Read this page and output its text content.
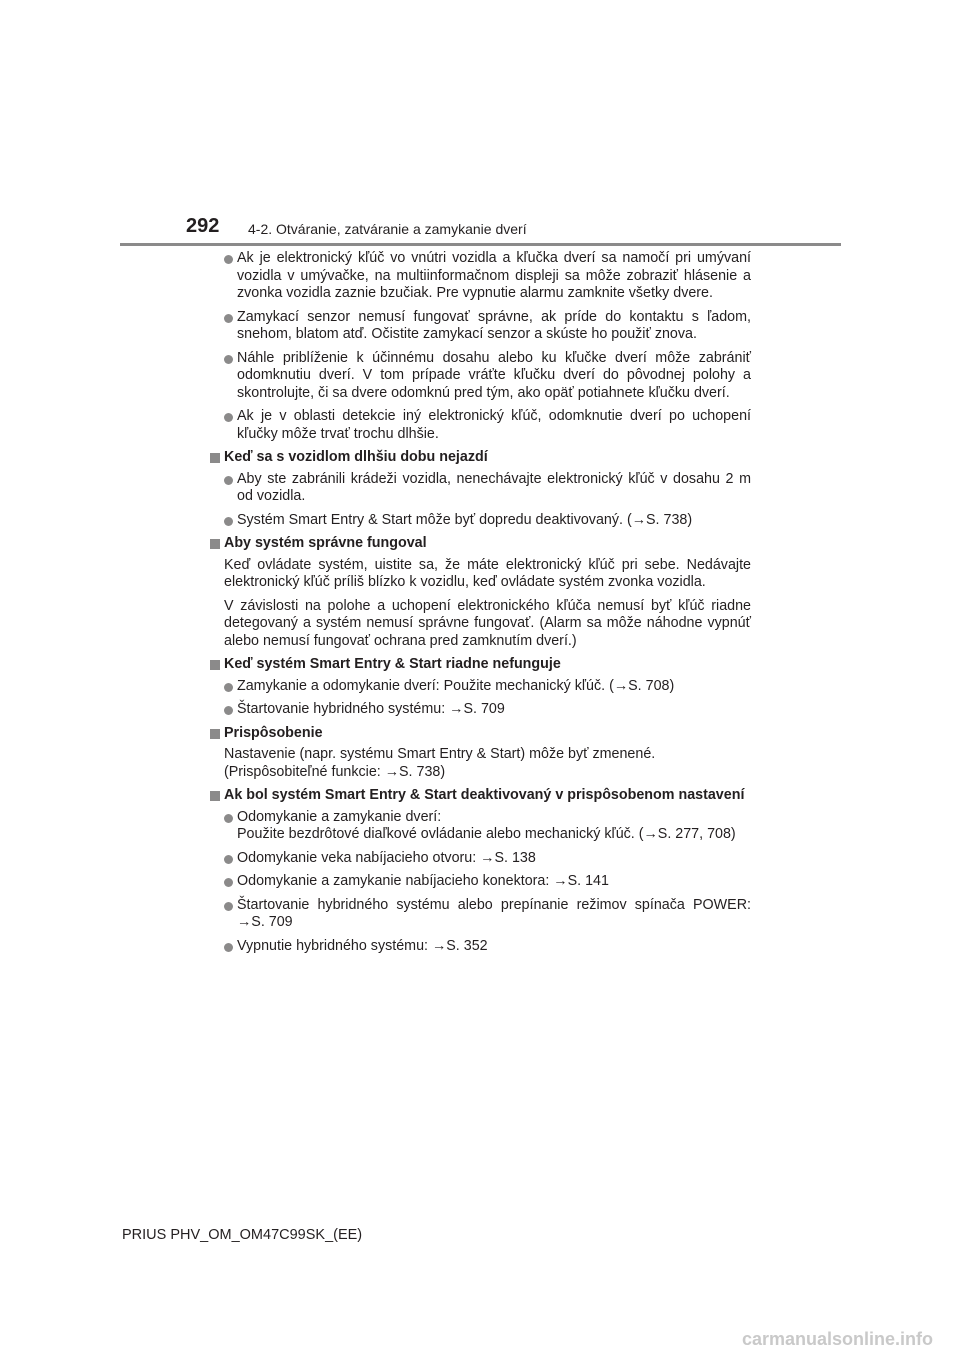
292 4-2. Otváranie, zatváranie a zamykanie dverí
Ak je elektronický kľúč vo vnútri vozidla a kľučka dverí sa namočí pri umývaní vozidla v umývačke, na multiinformačnom displeji sa môže zobraziť hlásenie a zvonka vozidla zaznie bzučiak. Pre vypnutie alarmu zamknite všetky dvere.
Zamykací senzor nemusí fungovať správne, ak príde do kontaktu s ľadom, snehom, blatom atď. Očistite zamykací senzor a skúste ho použiť znova.
Náhle priblíženie k účinnému dosahu alebo ku kľučke dverí môže zabrániť odomknutiu dverí. V tom prípade vráťte kľučku dverí do pôvodnej polohy a skontrolujte, či sa dvere odomknú pred tým, ako opäť potiahnete kľučku dverí.
Ak je v oblasti detekcie iný elektronický kľúč, odomknutie dverí po uchopení kľučky môže trvať trochu dlhšie.
Keď sa s vozidlom dlhšiu dobu nejazdí
Aby ste zabránili krádeži vozidla, nenechávajte elektronický kľúč v dosahu 2 m od vozidla.
Systém Smart Entry & Start môže byť dopredu deaktivovaný. (→S. 738)
Aby systém správne fungoval
Keď ovládate systém, uistite sa, že máte elektronický kľúč pri sebe. Nedávajte elektronický kľúč príliš blízko k vozidlu, keď ovládate systém zvonka vozidla.
V závislosti na polohe a uchopení elektronického kľúča nemusí byť kľúč riadne detegovaný a systém nemusí správne fungovať. (Alarm sa môže náhodne vypnúť alebo nemusí fungovať ochrana pred zamknutím dverí.)
Keď systém Smart Entry & Start riadne nefunguje
Zamykanie a odomykanie dverí: Použite mechanický kľúč. (→S. 708)
Štartovanie hybridného systému: →S. 709
Prispôsobenie
Nastavenie (napr. systému Smart Entry & Start) môže byť zmenené.
(Prispôsobiteľné funkcie: →S. 738)
Ak bol systém Smart Entry & Start deaktivovaný v prispôsobenom nastavení
Odomykanie a zamykanie dverí:
Použite bezdrôtové diaľkové ovládanie alebo mechanický kľúč. (→S. 277, 708)
Odomykanie veka nabíjacieho otvoru: →S. 138
Odomykanie a zamykanie nabíjacieho konektora: →S. 141
Štartovanie hybridného systému alebo prepínanie režimov spínača POWER: →S. 709
Vypnutie hybridného systému: →S. 352
PRIUS PHV_OM_OM47C99SK_(EE)
carmanualsonline.info
